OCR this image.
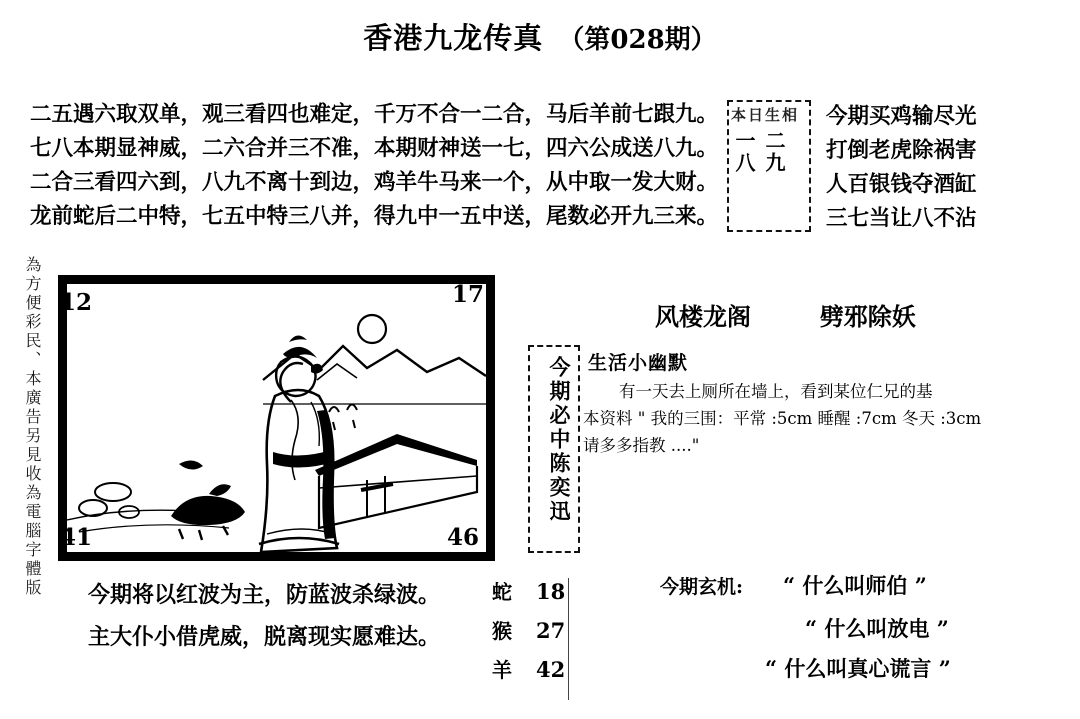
香港九龙传真 （第028期）
二五遇六取双单，观三看四也难定，千万不合一二合，马后羊前七跟九。
七八本期显神威，二六合并三不准，本期财神送一七，四六公成送八九。
二合三看四六到，八九不离十到边，鸡羊牛马来一个，从中取一发大财。
龙前蛇后二中特，七五中特三八并，得九中一五中送，尾数必开九三来。
本日生相
一八 二九
今期买鸡输尽光
打倒老虎除祸害
人百银钱夺酒缸
三七当让八不沾
為方便彩民、本廣告另見收為電腦字體版 12	17
41	46
风楼龙阁	劈邪除妖
今期必中陈奕迅 生活小幽默
有一天去上厕所在墙上，看到某位仁兄的基
本资料 " 我的三围：平常 :5cm 睡醒 :7cm 冬天 :3cm
请多多指教 ...."
今期将以红波为主，防蓝波杀绿波。
主大仆小借虎威，脱离现实愿难达。
蛇	18
猴	27
羊	42
今期玄机: “ 什么叫师伯 ”
“ 什么叫放电 ”
“ 什么叫真心谎言 ”
